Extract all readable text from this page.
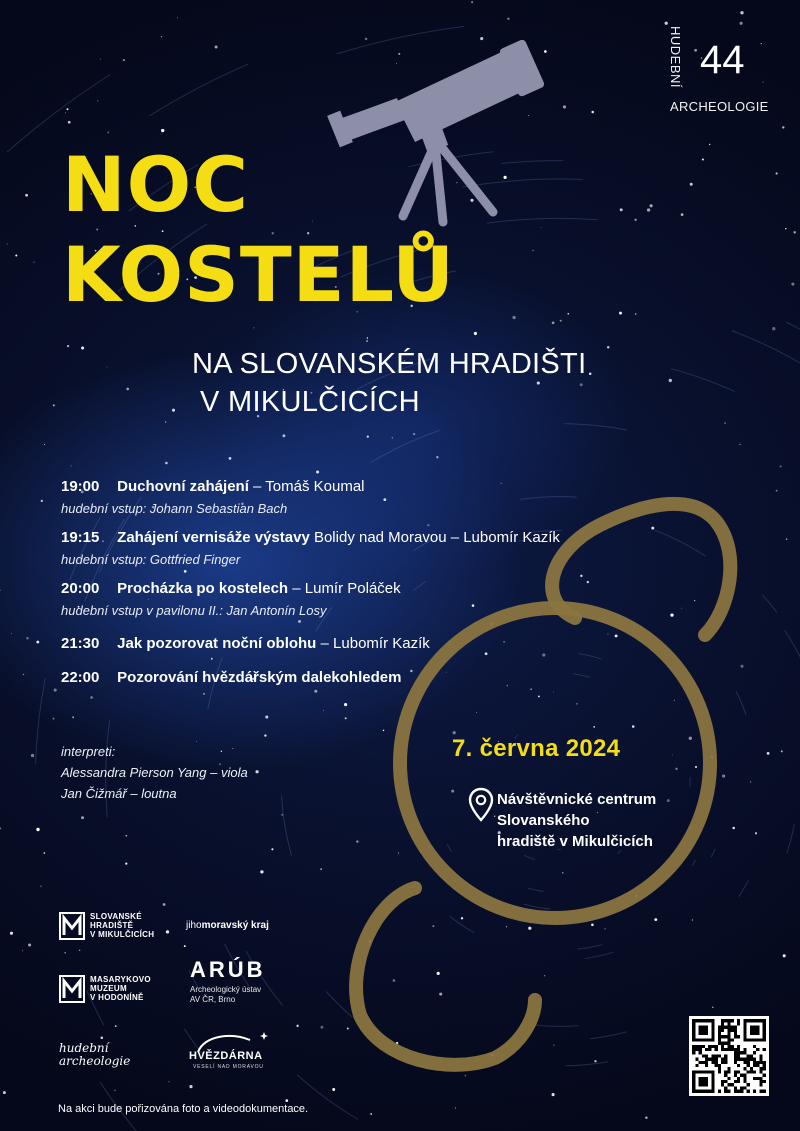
HUDEBNÍ 44
ARCHEOLOGIE
NOC
KOSTELŮ
NA SLOVANSKÉM HRADIŠTI
V MIKULČICÍCH
19:00 Duchovní zahájení – Tomáš Koumal
hudební vstup: Johann Sebastian Bach
19:15 Zahájení vernisáže výstavy Bolidy nad Moravou – Lubomír Kazík
hudební vstup: Gottfried Finger
20:00 Procházka po kostelech – Lumír Poláček
hudební vstup v pavilonu II.: Jan Antonín Losy
21:30 Jak pozorovat noční oblohu – Lubomír Kazík
22:00 Pozorování hvězdářským dalekohledem
interpreti:
Alessandra Pierson Yang – viola
Jan Čižmář – loutna
7. června 2024
Návštěvnické centrum
Slovanského
hradiště v Mikulčicích
SLOVANSKÉ
HRADIŠTĚ
V MIKULČICÍCH
jihomoravský kraj
MASARYKOVO
MUZEUM
V HODONÍNĚ
ARÚB
Archeologický ústav
AV ČR, Brno
hudební
archeologie	HVĚZDÁRNA
VESELÍ NAD MORAVOU
Na akci bude pořizována foto a videodokumentace.
